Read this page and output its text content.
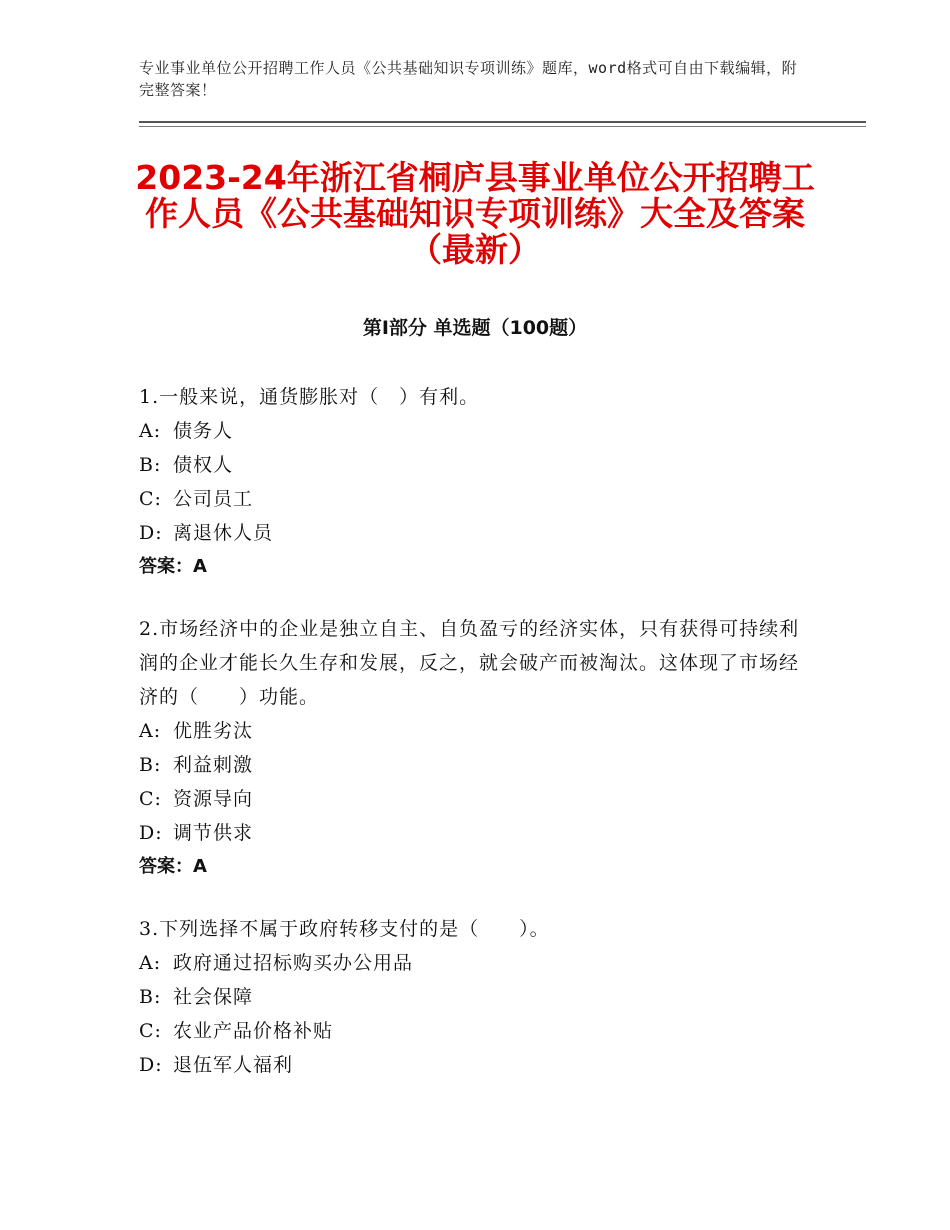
专业事业单位公开招聘工作人员《公共基础知识专项训练》题库，word格式可自由下载编辑，附完整答案！
2023-24年浙江省桐庐县事业单位公开招聘工作人员《公共基础知识专项训练》大全及答案（最新）
第Ⅰ部分 单选题（100题）

1.一般来说，通货膨胀对（　）有利。

A: 债务人
B: 债权人
C: 公司员工
D: 离退休人员
答案：A

2.市场经济中的企业是独立自主、自负盈亏的经济实体，只有获得可持续利润的企业才能长久生存和发展，反之，就会破产而被淘汰。这体现了市场经济的（　　）功能。

A: 优胜劣汰
B: 利益刺激
C: 资源导向
D: 调节供求
答案：A

3.下列选择不属于政府转移支付的是（　　）。

A: 政府通过招标购买办公用品
B: 社会保障
C: 农业产品价格补贴
D: 退伍军人福利
